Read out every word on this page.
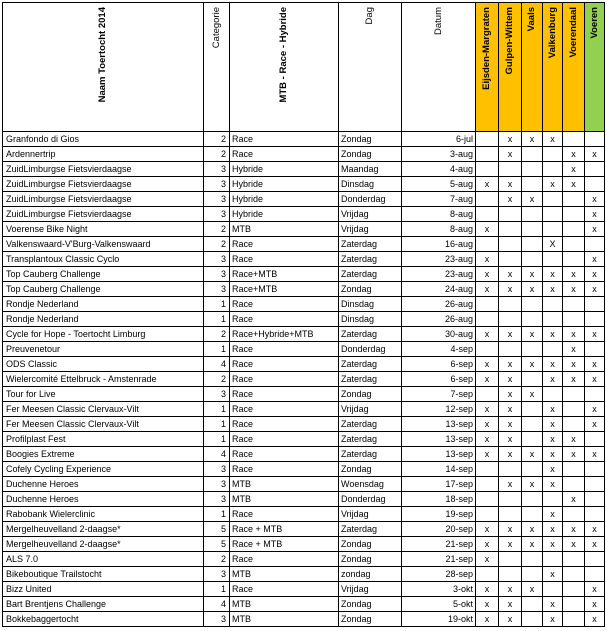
Naam Toertocht 2014	Categorie	MTB - Race - Hybride	Dag	Datum	Eijsden-Margraten	Gulpen-Wittem	Vaals	Valkenburg	Voerendaal	Voeren

Granfondo di Gios	2	Race	Zondag	6-jul		x	x	x		
Ardennertrip	2	Race	Zondag	3-aug		x			x	x
ZuidLimburgse Fietsvierdaagse	3	Hybride	Maandag	4-aug					x	
ZuidLimburgse Fietsvierdaagse	3	Hybride	Dinsdag	5-aug	x	x		x	x	
ZuidLimburgse Fietsvierdaagse	3	Hybride	Donderdag	7-aug		x	x			x
ZuidLimburgse Fietsvierdaagse	3	Hybride	Vrijdag	8-aug						x
Voerense Bike Night	2	MTB	Vrijdag	8-aug	x					x
Valkenswaard-V'Burg-Valkenswaard	2	Race	Zaterdag	16-aug				X		
Transplantoux Classic Cyclo	3	Race	Zaterdag	23-aug	x					x
Top Cauberg Challenge	3	Race+MTB	Zaterdag	23-aug	x	x	x	x	x	x
Top Cauberg Challenge	3	Race+MTB	Zondag	24-aug	x	x	x	x	x	x
Rondje Nederland	1	Race	Dinsdag	26-aug						
Rondje Nederland	1	Race	Dinsdag	26-aug						
Cycle for Hope - Toertocht Limburg	2	Race+Hybride+MTB	Zaterdag	30-aug	x	x	x	x	x	x
Preuvenetour	1	Race	Donderdag	4-sep					x	
ODS Classic	4	Race	Zaterdag	6-sep	x	x	x	x	x	x
Wielercomité Ettelbruck - Amstenrade	2	Race	Zaterdag	6-sep	x	x		x	x	x
Tour for Live	3	Race	Zondag	7-sep		x	x			
Fer Meesen Classic Clervaux-Vilt	1	Race	Vrijdag	12-sep	x	x		x		x
Fer Meesen Classic Clervaux-Vilt	1	Race	Zaterdag	13-sep	x	x		x		x
Profilplast Fest	1	Race	Zaterdag	13-sep	x	x		x	x	
Boogies Extreme	4	Race	Zaterdag	13-sep	x	x	x	x	x	x
Cofely Cycling Experience	3	Race	Zondag	14-sep				x		
Duchenne Heroes	3	MTB	Woensdag	17-sep		x	x	x		
Duchenne Heroes	3	MTB	Donderdag	18-sep					x	
Rabobank Wielerclinic	1	Race	Vrijdag	19-sep				x		
Mergelheuvelland 2-daagse*	5	Race + MTB	Zaterdag	20-sep	x	x	x	x	x	x
Mergelheuvelland 2-daagse*	5	Race + MTB	Zondag	21-sep	x	x	x	x	x	x
ALS 7.0	2	Race	Zondag	21-sep	x					
Bikeboutique Trailstocht	3	MTB	zondag	28-sep				x		
Bizz United	1	Race	Vrijdag	3-okt	x	x	x			x
Bart Brentjens Challenge	4	MTB	Zondag	5-okt	x	x		x		x
Bokkebaggertocht	3	MTB	Zondag	19-okt	x	x		x		x
